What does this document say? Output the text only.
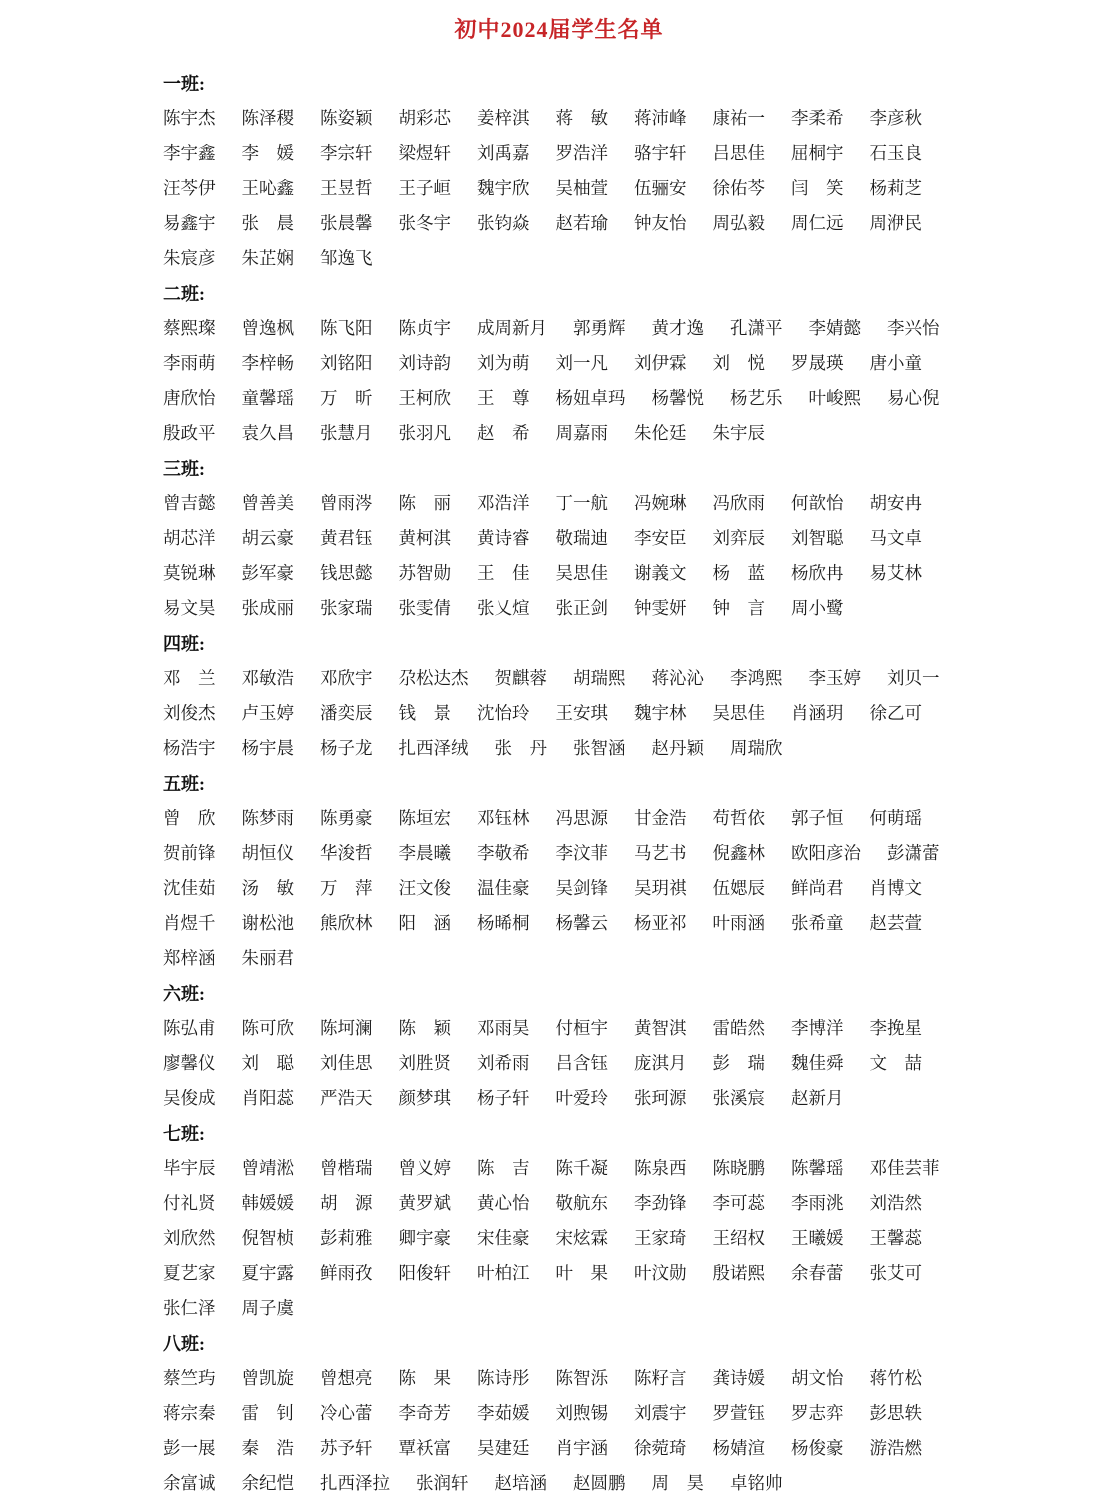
初中2024届学生名单
一班:
陈宇杰 陈泽稷 陈姿颖 胡彩芯 姜梓淇 蒋　敏 蒋沛峰 康祐一 李柔希 李彦秋
李宇鑫 李　媛 李宗轩 梁煜轩 刘禹嘉 罗浩洋 骆宇轩 吕思佳 屈桐宇 石玉良
汪芩伊 王吣鑫 王昱哲 王子峘 魏宇欣 吴柚萱 伍骊安 徐佑芩 闫　笑 杨莉芝
易鑫宇 张　晨 张晨馨 张冬宇 张钧焱 赵若瑜 钟友怡 周弘毅 周仁远 周洢民
朱宸彦 朱芷娴 邹逸飞
二班:
蔡熙璨 曾逸枫 陈飞阳 陈贞宇 成周新月 郭勇辉 黄才逸 孔潇平 李婧懿 李兴怡
李雨萌 李梓畅 刘铭阳 刘诗韵 刘为萌 刘一凡 刘伊霖 刘　悦 罗晟瑛 唐小童
唐欣怡 童馨瑶 万　昕 王柯欣 王　尊 杨妞卓玛 杨馨悦 杨艺乐 叶峻熙 易心倪
殷政平 袁久昌 张慧月 张羽凡 赵　希 周嘉雨 朱伦廷 朱宇辰
三班:
曾吉懿 曾善美 曾雨涔 陈　丽 邓浩洋 丁一航 冯婉琳 冯欣雨 何歆怡 胡安冉
胡芯洋 胡云豪 黄君钰 黄柯淇 黄诗睿 敬瑞迪 李安臣 刘弈辰 刘智聪 马文卓
莫锐琳 彭军豪 钱思懿 苏智勋 王　佳 吴思佳 谢義文 杨　蓝 杨欣冉 易艾林
易文昊 张成丽 张家瑞 张雯倩 张乂煊 张正剑 钟雯妍 钟　言 周小鹭
四班:
邓　兰 邓敏浩 邓欣宇 尕松达杰 贺麒蓉 胡瑞熙 蒋沁沁 李鸿熙 李玉婷 刘贝一
刘俊杰 卢玉婷 潘奕辰 钱　景 沈怡玲 王安琪 魏宇林 吴思佳 肖涵玥 徐乙可
杨浩宇 杨宇晨 杨子龙 扎西泽绒 张　丹 张智涵 赵丹颖 周瑞欣
五班:
曾　欣 陈梦雨 陈勇豪 陈垣宏 邓钰林 冯思源 甘金浩 苟哲依 郭子恒 何萌瑶
贺前锋 胡恒仪 华浚哲 李晨曦 李敬希 李汶菲 马艺书 倪鑫林 欧阳彦治 彭潇蕾
沈佳茹 汤　敏 万　萍 汪文俊 温佳豪 吴剑锋 吴玥祺 伍媤辰 鲜尚君 肖博文
肖煜千 谢松池 熊欣林 阳　涵 杨晞桐 杨馨云 杨亚祁 叶雨涵 张希童 赵芸萱
郑梓涵 朱丽君
六班:
陈弘甫 陈可欣 陈坷澜 陈　颖 邓雨昊 付桓宇 黄智淇 雷皓然 李博洋 李挽星
廖馨仪 刘　聪 刘佳思 刘胜贤 刘希雨 吕含钰 庞淇月 彭　瑞 魏佳舜 文　喆
吴俊成 肖阳蕊 严浩天 颜梦琪 杨子轩 叶爱玲 张珂源 张溪宸 赵新月
七班:
毕宇辰 曾靖淞 曾楷瑞 曾义婷 陈　吉 陈千凝 陈泉西 陈晓鹏 陈馨瑶 邓佳芸菲
付礼贤 韩媛媛 胡　源 黄罗斌 黄心怡 敬航东 李劲锋 李可蕊 李雨洮 刘浩然
刘欣然 倪智桢 彭莉雅 卿宇豪 宋佳豪 宋炫霖 王家琦 王绍权 王曦媛 王馨蕊
夏艺家 夏宇露 鲜雨孜 阳俊轩 叶柏江 叶　果 叶汶勋 殷诺熙 余春蕾 张艾可
张仁泽 周子虞
八班:
蔡竺玙 曾凯旋 曾想亮 陈　果 陈诗彤 陈智泺 陈籽言 龚诗媛 胡文怡 蒋竹松
蒋宗秦 雷　钊 冷心蕾 李奇芳 李茹媛 刘煦锡 刘震宇 罗萱钰 罗志弈 彭思轶
彭一展 秦　浩 苏予轩 覃袄富 吴建廷 肖宇涵 徐菀琦 杨婧渲 杨俊豪 游浩燃
余富诚 余纪恺 扎西泽拉 张润轩 赵培涵 赵圆鹏 周　昊 卓铭帅
